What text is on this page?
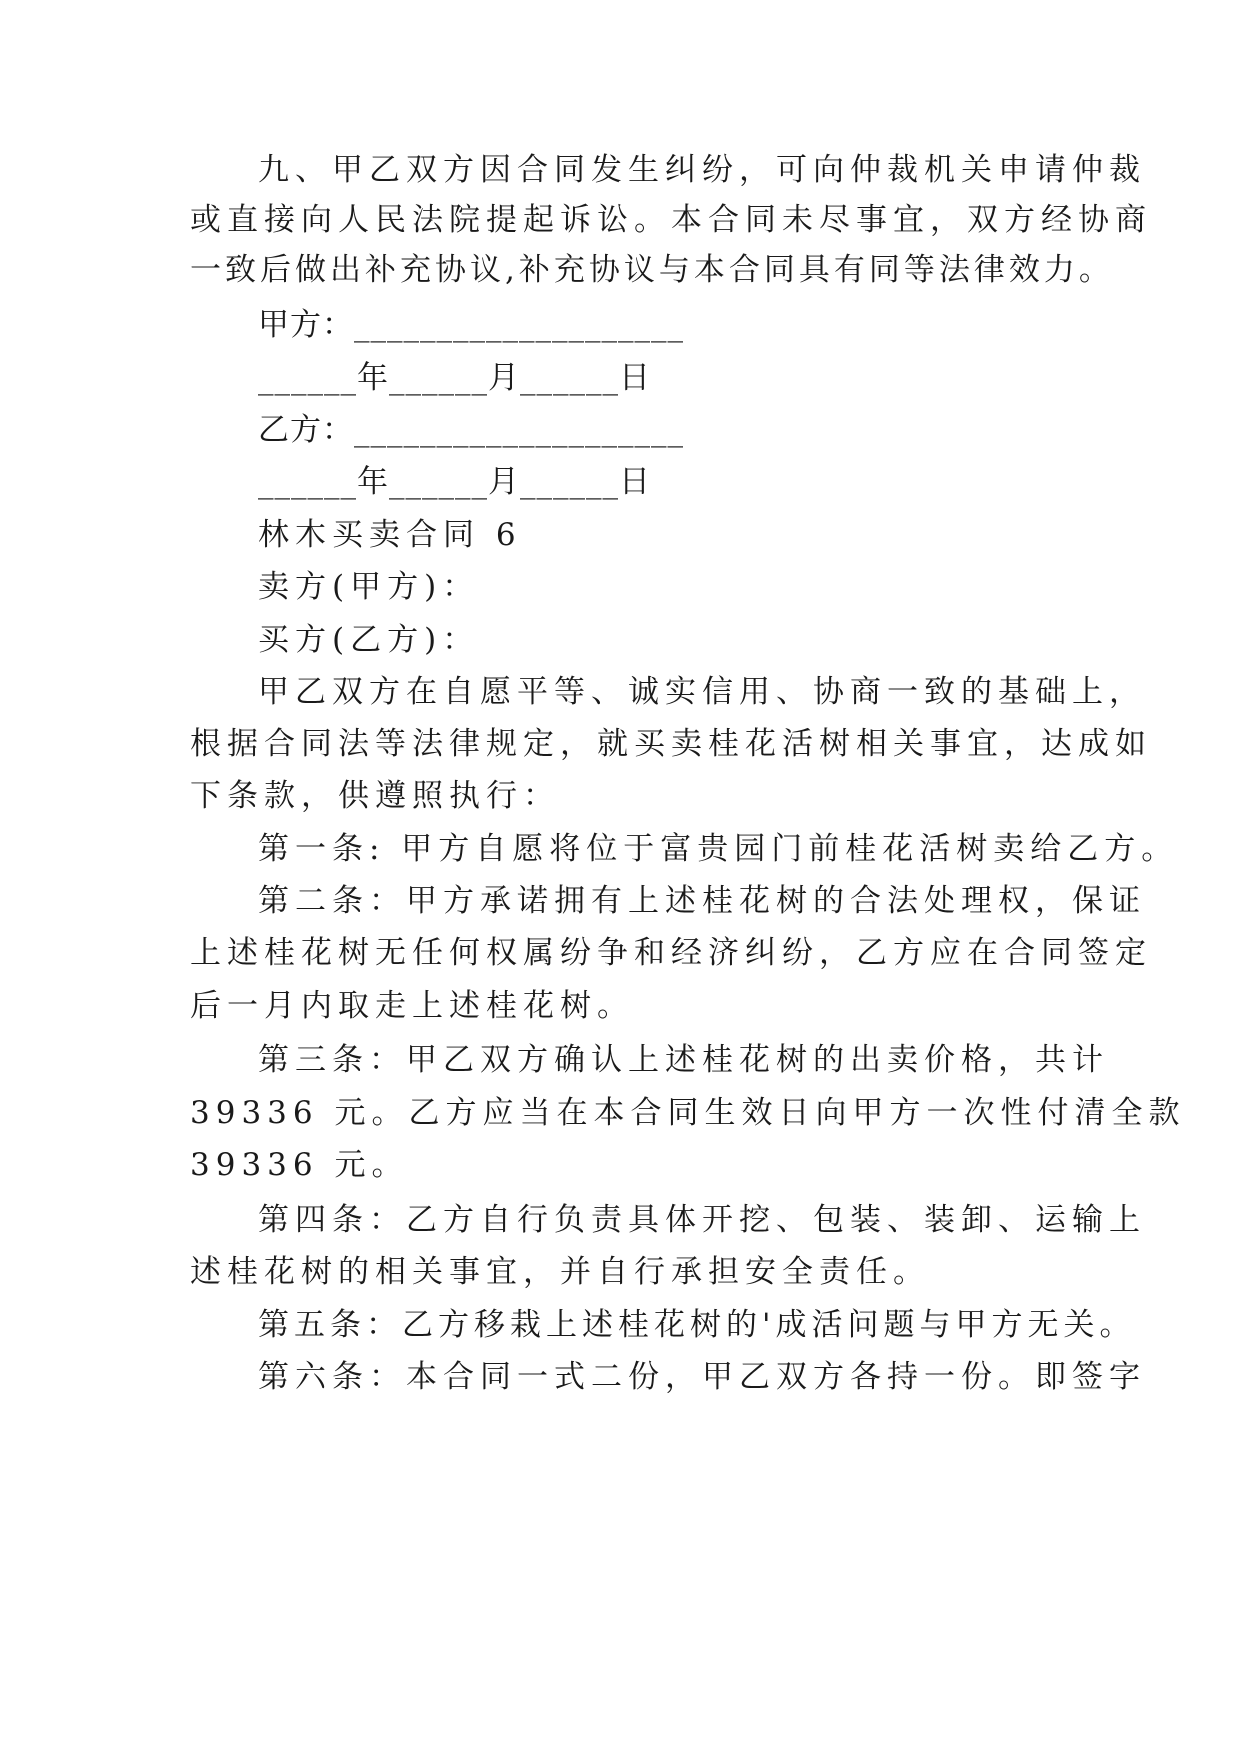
九、甲乙双方因合同发生纠纷，可向仲裁机关申请仲裁
或直接向人民法院提起诉讼。本合同未尽事宜，双方经协商
一致后做出补充协议,补充协议与本合同具有同等法律效力。
甲方：____________________
______年______月______日
乙方：____________________
______年______月______日
林木买卖合同 6
卖方(甲方)：
买方(乙方)：
甲乙双方在自愿平等、诚实信用、协商一致的基础上，
根据合同法等法律规定，就买卖桂花活树相关事宜，达成如
下条款，供遵照执行：
第一条: 甲方自愿将位于富贵园门前桂花活树卖给乙方。
第二条：甲方承诺拥有上述桂花树的合法处理权，保证
上述桂花树无任何权属纷争和经济纠纷，乙方应在合同签定
后一月内取走上述桂花树。
第三条：甲乙双方确认上述桂花树的出卖价格，共计
39336 元。乙方应当在本合同生效日向甲方一次性付清全款
39336 元。
第四条：乙方自行负责具体开挖、包装、装卸、运输上
述桂花树的相关事宜，并自行承担安全责任。
第五条：乙方移栽上述桂花树的'成活问题与甲方无关。
第六条：本合同一式二份，甲乙双方各持一份。即签字
